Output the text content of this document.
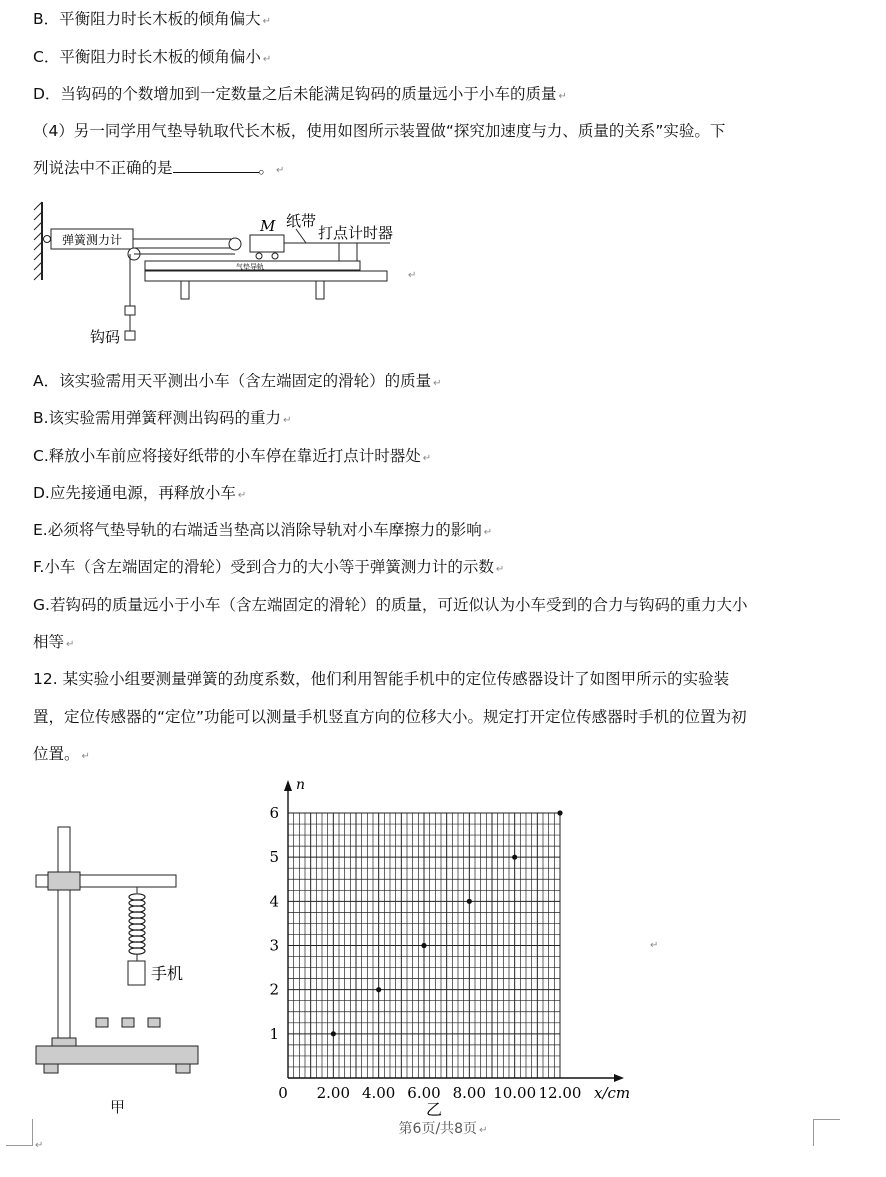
B．平衡阻力时长木板的倾角偏大 ↵
C．平衡阻力时长木板的倾角偏小 ↵
D．当钩码的个数增加到一定数量之后未能满足钩码的质量远小于小车的质量 ↵
（4）另一同学用气垫导轨取代长木板，使用如图所示装置做“探究加速度与力、质量的关系”实验。下
列说法中不正确的是	。 ↵
弹簧测力计
M 纸带
打点计时器
气垫导轨
钩码
↵
A．该实验需用天平测出小车（含左端固定的滑轮）的质量 ↵
B.该实验需用弹簧秤测出钩码的重力 ↵
C.释放小车前应将接好纸带的小车停在靠近打点计时器处 ↵
D.应先接通电源，再释放小车 ↵
E.必须将气垫导轨的右端适当垫高以消除导轨对小车摩擦力的影响 ↵
F.小车（含左端固定的滑轮）受到合力的大小等于弹簧测力计的示数 ↵
G.若钩码的质量远小于小车（含左端固定的滑轮）的质量，可近似认为小车受到的合力与钩码的重力大小
相等 ↵
12. 某实验小组要测量弹簧的劲度系数，他们利用智能手机中的定位传感器设计了如图甲所示的实验装
置，定位传感器的“定位”功能可以测量手机竖直方向的位移大小。规定打开定位传感器时手机的位置为初
位置。 ↵
手机
甲
2.00 4.00 6.00 8.00 10.00 12.00
1
2
3
4
5
6
x/cm
n
0
乙
↵
第6页/共8页 ↵
↵
